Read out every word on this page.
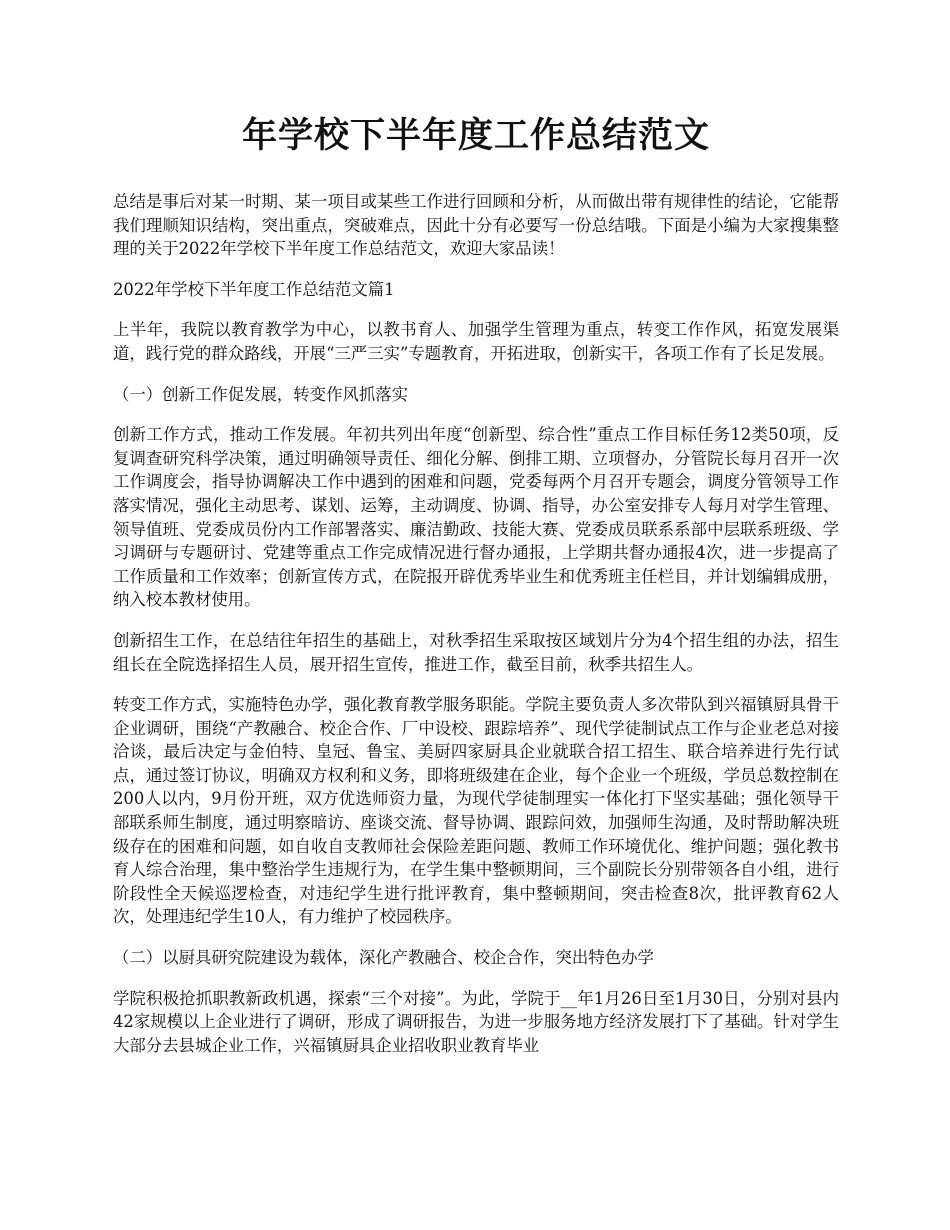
年学校下半年度工作总结范文

总结是事后对某一时期、某一项目或某些工作进行回顾和分析，从而做出带有规律性的结论，它能帮我们理顺知识结构，突出重点，突破难点，因此十分有必要写一份总结哦。下面是小编为大家搜集整理的关于2022年学校下半年度工作总结范文，欢迎大家品读！

2022年学校下半年度工作总结范文篇1

上半年，我院以教育教学为中心，以教书育人、加强学生管理为重点，转变工作作风，拓宽发展渠道，践行党的群众路线，开展“三严三实”专题教育，开拓进取，创新实干，各项工作有了长足发展。

（一）创新工作促发展，转变作风抓落实

创新工作方式，推动工作发展。年初共列出年度“创新型、综合性”重点工作目标任务12类50项，反复调查研究科学决策，通过明确领导责任、细化分解、倒排工期、立项督办，分管院长每月召开一次工作调度会，指导协调解决工作中遇到的困难和问题，党委每两个月召开专题会，调度分管领导工作落实情况，强化主动思考、谋划、运筹，主动调度、协调、指导，办公室安排专人每月对学生管理、领导值班、党委成员份内工作部署落实、廉洁勤政、技能大赛、党委成员联系系部中层联系班级、学习调研与专题研讨、党建等重点工作完成情况进行督办通报，上学期共督办通报4次，进一步提高了工作质量和工作效率；创新宣传方式，在院报开辟优秀毕业生和优秀班主任栏目，并计划编辑成册，纳入校本教材使用。

创新招生工作，在总结往年招生的基础上，对秋季招生采取按区域划片分为4个招生组的办法，招生组长在全院选择招生人员，展开招生宣传，推进工作，截至目前，秋季共招生人。

转变工作方式，实施特色办学，强化教育教学服务职能。学院主要负责人多次带队到兴福镇厨具骨干企业调研，围绕“产教融合、校企合作、厂中设校、跟踪培养”、现代学徒制试点工作与企业老总对接洽谈，最后决定与金伯特、皇冠、鲁宝、美厨四家厨具企业就联合招工招生、联合培养进行先行试点，通过签订协议，明确双方权利和义务，即将班级建在企业，每个企业一个班级，学员总数控制在200人以内，9月份开班，双方优选师资力量，为现代学徒制理实一体化打下坚实基础；强化领导干部联系师生制度，通过明察暗访、座谈交流、督导协调、跟踪问效，加强师生沟通，及时帮助解决班级存在的困难和问题，如自收自支教师社会保险差距问题、教师工作环境优化、维护问题；强化教书育人综合治理，集中整治学生违规行为，在学生集中整顿期间，三个副院长分别带领各自小组，进行阶段性全天候巡逻检查，对违纪学生进行批评教育，集中整顿期间，突击检查8次，批评教育62人次，处理违纪学生10人，有力维护了校园秩序。

（二）以厨具研究院建设为载体，深化产教融合、校企合作，突出特色办学

学院积极抢抓职教新政机遇，探索“三个对接”。为此，学院于__年1月26日至1月30日，分别对县内42家规模以上企业进行了调研，形成了调研报告，为进一步服务地方经济发展打下了基础。针对学生大部分去县城企业工作，兴福镇厨具企业招收职业教育毕业
